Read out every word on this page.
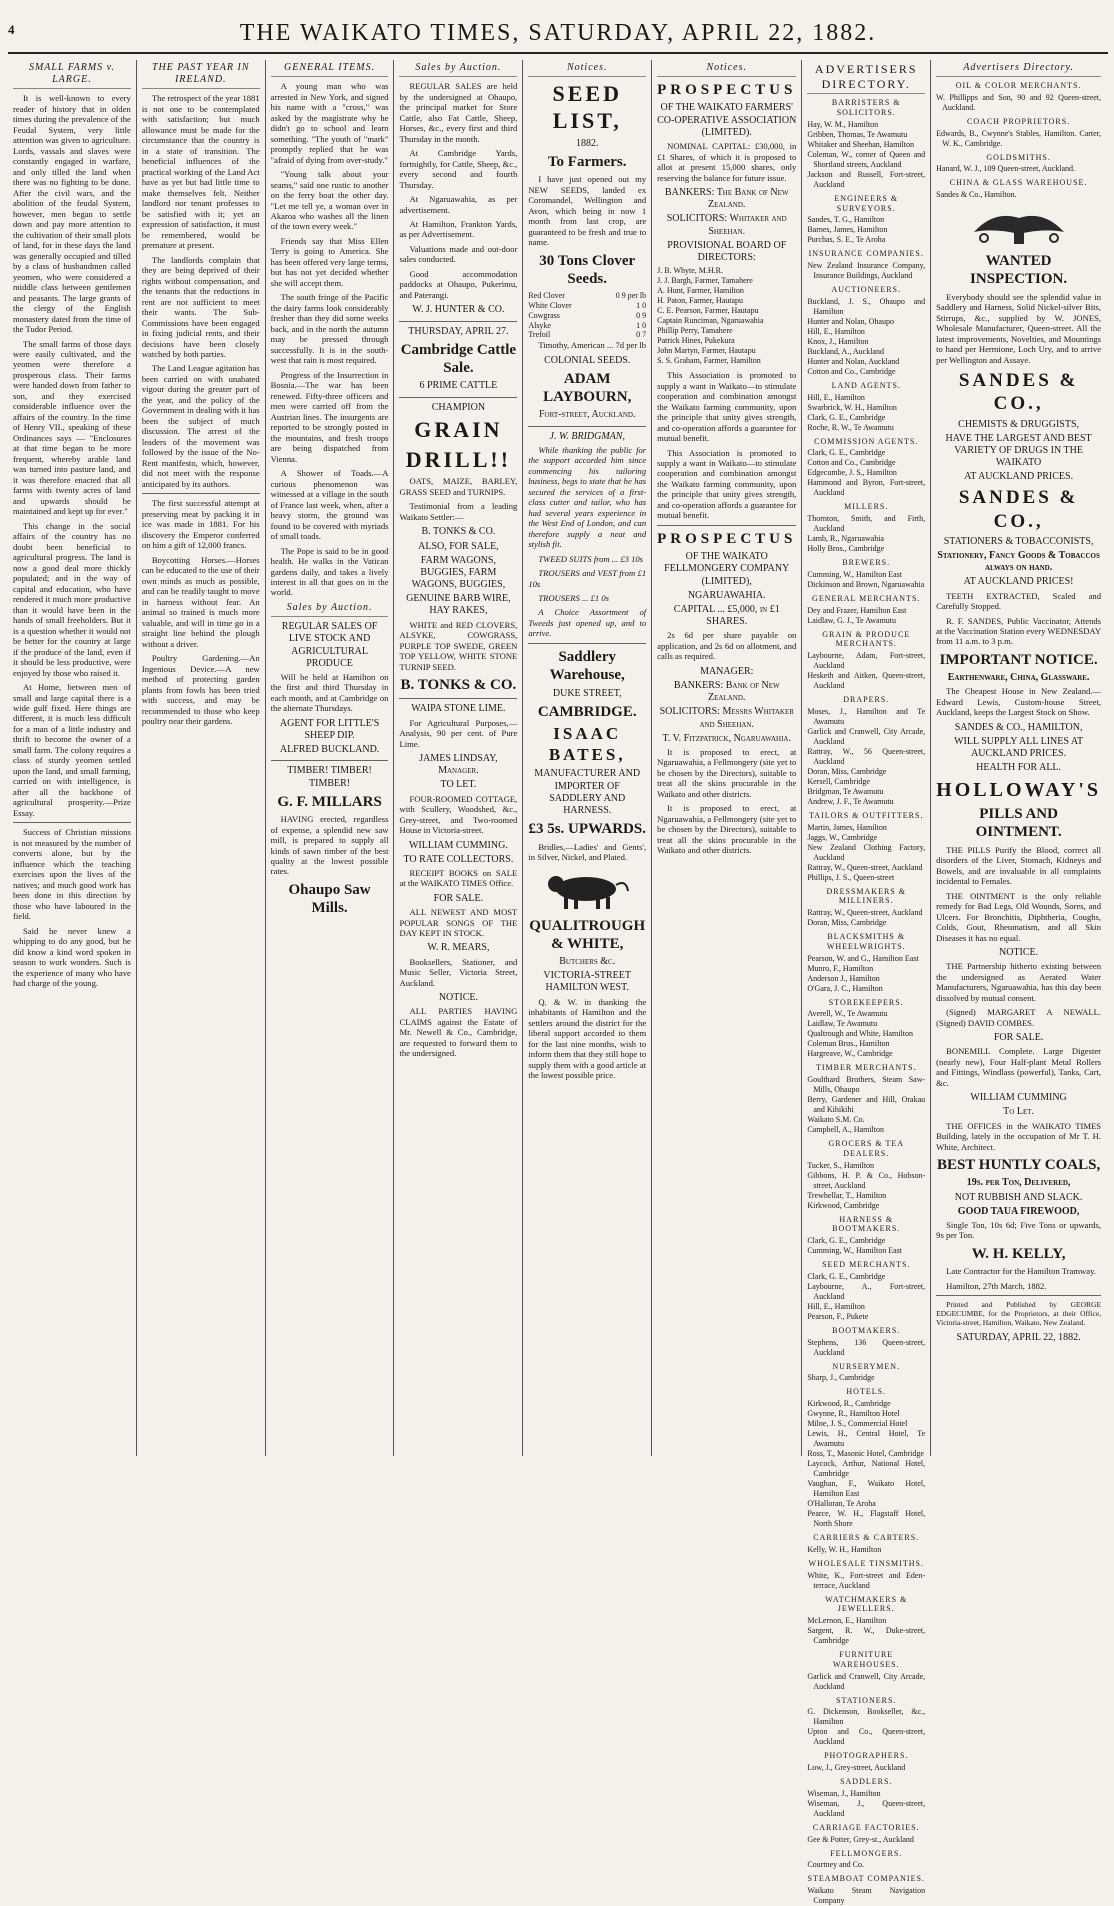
4	THE WAIKATO TIMES, SATURDAY, APRIL 22, 1882.
SMALL FARMS v. LARGE.

It is well-known to every reader of history that in olden times during the prevalence of the Feudal System, very little attention was given to agriculture. Lords, vassals and slaves were constantly engaged in warfare, and only tilled the land when there was no fighting to be done. After the civil wars, and the abolition of the feudal System, however, men began to settle down and pay more attention to the cultivation of their small plots of land, for in these days the land was generally occupied and tilled by a class of husbandmen called yeomen, who were considered a middle class between gentlemen and peasants. The large grants of the clergy of the English monastery dated from the time of the Tudor Period.

The small farms of those days were easily cultivated, and the yeomen were therefore a prosperous class. Their farms were handed down from father to son, and they exercised considerable influence over the affairs of the country. In the time of Henry VII., speaking of these Ordinances says — "Enclosures at that time began to be more frequent, whereby arable land was turned into pasture land, and it was therefore enacted that all farms with twenty acres of land and upwards should be maintained and kept up for ever."

This change in the social affairs of the country has no doubt been beneficial to agricultural progress. The land is now a good deal more thickly populated; and in the way of capital and education, who have rendered it much more productive than it would have been in the hands of small freeholders. But it is a question whether it would not be better for the country at large if the produce of the land, even if it should be less productive, were enjoyed by those who raised it.

At Home, between men of small and large capital there is a wide gulf fixed. Here things are different, it is much less difficult for a man of a little industry and thrift to become the owner of a small farm. The colony requires a class of sturdy yeomen settled upon the land, and small farming, carried on with intelligence, is after all the backbone of agricultural prosperity.—Prize Essay.

Success of Christian missions is not measured by the number of converts alone, but by the influence which the teaching exercises upon the lives of the natives; and much good work has been done in this direction by those who have laboured in the field.

Said he never knew a whipping to do any good, but he did know a kind word spoken in season to work wonders. Such is the experience of many who have had charge of the young.

THE PAST YEAR IN IRELAND.

The retrospect of the year 1881 is not one to be contemplated with satisfaction; but much allowance must be made for the circumstance that the country is in a state of transition. The beneficial influences of the practical working of the Land Act have as yet but had little time to make themselves felt. Neither landlord nor tenant professes to be satisfied with it; yet an expression of satisfaction, it must be remembered, would be premature at present.

The landlords complain that they are being deprived of their rights without compensation, and the tenants that the reductions in rent are not sufficient to meet their wants. The Sub-Commissions have been engaged in fixing judicial rents, and their decisions have been closely watched by both parties.

The Land League agitation has been carried on with unabated vigour during the greater part of the year, and the policy of the Government in dealing with it has been the subject of much discussion. The arrest of the leaders of the movement was followed by the issue of the No-Rent manifesto, which, however, did not meet with the response anticipated by its authors.

The first successful attempt at preserving meat by packing it in ice was made in 1881. For his discovery the Emperor conferred on him a gift of 12,000 francs.

Boycotting Horses.—Horses can be educated to the use of their own minds as much as possible, and can be readily taught to move in harness without fear. An animal so trained is much more valuable, and will in time go in a straight line behind the plough without a driver.

Poultry Gardening.—An Ingenious Device.—A new method of protecting garden plants from fowls has been tried with success, and may be recommended to those who keep poultry near their gardens.

GENERAL ITEMS.

A young man who was arrested in New York, and signed his name with a "cross," was asked by the magistrate why he didn't go to school and learn something. "The youth of "mark" promptly replied that he was "afraid of dying from over-study."

"Young talk about your seams," said one rustic to another on the ferry boat the other day. "Let me tell ye, a woman over in Akaroa who washes all the linen of the town every week."

Friends say that Miss Ellen Terry is going to America. She has been offered very large terms, but has not yet decided whether she will accept them.

The south fringe of the Pacific the dairy farms look considerably fresher than they did some weeks back, and in the north the autumn may be pressed through successfully. It is in the south-west that rain is most required.

Progress of the Insurrection in Bosnia.—The war has been renewed. Fifty-three officers and men were carried off from the Austrian lines. The insurgents are reported to be strongly posted in the mountains, and fresh troops are being dispatched from Vienna.

A Shower of Toads.—A curious phenomenon was witnessed at a village in the south of France last week, when, after a heavy storm, the ground was found to be covered with myriads of small toads.

The Pope is said to be in good health. He walks in the Vatican gardens daily, and takes a lively interest in all that goes on in the world.

Sales by Auction.
REGULAR SALES OF LIVE STOCK AND AGRICULTURAL PRODUCE

Will be held at Hamilton on the first and third Thursday in each month, and at Cambridge on the alternate Thursdays.

AGENT FOR LITTLE'S SHEEP DIP.
ALFRED BUCKLAND.
TIMBER! TIMBER! TIMBER!
G. F. MILLARS

HAVING erected, regardless of expense, a splendid new saw mill, is prepared to supply all kinds of sawn timber of the best quality at the lowest possible rates.

Ohaupo Saw Mills.
Sales by Auction.

REGULAR SALES are held by the undersigned at Ohaupo, the principal market for Store Cattle, also Fat Cattle, Sheep, Horses, &c., every first and third Thursday in the month.

At Cambridge Yards, fortnightly, for Cattle, Sheep, &c., every second and fourth Thursday.

At Ngaruawahia, as per advertisement.

At Hamilton, Frankton Yards, as per Advertisement.

Valuations made and out-door sales conducted.

Good accommodation paddocks at Ohaupo, Pukerimu, and Paterangi.

W. J. HUNTER & CO.
THURSDAY, APRIL 27.
Cambridge Cattle Sale.
6 PRIME CATTLE
CHAMPION
GRAIN
DRILL!!

OATS, MAIZE, BARLEY, GRASS SEED and TURNIPS.

Testimonial from a leading Waikato Settler:—

B. TONKS & CO.
ALSO, FOR SALE,
FARM WAGONS, BUGGIES, FARM WAGONS, BUGGIES,
GENUINE BARB WIRE, HAY RAKES,

WHITE and RED CLOVERS, ALSYKE, COWGRASS, PURPLE TOP SWEDE, GREEN TOP YELLOW, WHITE STONE TURNIP SEED.

B. TONKS & CO.
WAIPA STONE LIME.

For Agricultural Purposes,—Analysis, 90 per cent. of Pure Lime.

JAMES LINDSAY, Manager.
TO LET.

FOUR-ROOMED COTTAGE, with Scullery, Woodshed, &c., Grey-street, and Two-roomed House in Victoria-street.

WILLIAM CUMMING.
TO RATE COLLECTORS.

RECEIPT BOOKS on SALE at the WAIKATO TIMES Office.

FOR SALE.

ALL NEWEST AND MOST POPULAR SONGS OF THE DAY KEPT IN STOCK.

W. R. MEARS,

Booksellers, Stationer, and Music Seller, Victoria Street, Auckland.

NOTICE.

ALL PARTIES HAVING CLAIMS against the Estate of Mr. Newell & Co., Cambridge, are requested to forward them to the undersigned.

Notices.
SEED LIST,
1882.
To Farmers.

I have just opened out my NEW SEEDS, landed ex Coromandel, Wellington and Avon, which being in now 1 month from last crop, are guaranteed to be fresh and true to name.

30 Tons Clover Seeds.
Red Clover	0 9 per lb
White Clover	1 0
Cowgrass	0 9
Alsyke	1 0
Trefoil	0 7

Timothy, American ... 7d per lb

COLONIAL SEEDS.
ADAM LAYBOURN,
Fort-street, Auckland.
J. W. BRIDGMAN,

While thanking the public for the support accorded him since commencing his tailoring business, begs to state that he has secured the services of a first-class cutter and tailor, who has had several years experience in the West End of London, and can therefore supply a neat and stylish fit.

TWEED SUITS from ... £3 10s

TROUSERS and VEST from £1 10s

TROUSERS ... £1 0s

A Choice Assortment of Tweeds just opened up, and to arrive.

Saddlery Warehouse,
DUKE STREET,
CAMBRIDGE.
ISAAC BATES,
MANUFACTURER AND IMPORTER OF SADDLERY AND HARNESS.
£3 5s. UPWARDS.

Bridles,—Ladies' and Gents', in Silver, Nickel, and Plated.

QUALITROUGH & WHITE,
Butchers &c.
VICTORIA-STREET HAMILTON WEST.

Q. & W. in thanking the inhabitants of Hamilton and the settlers around the district for the liberal support accorded to them for the last nine months, wish to inform them that they still hope to supply them with a good article at the lowest possible price.

Notices.
PROSPECTUS
OF THE WAIKATO FARMERS' CO-OPERATIVE ASSOCIATION (LIMITED).

NOMINAL CAPITAL: £30,000, in £1 Shares, of which it is proposed to allot at present 15,000 shares, only reserving the balance for future issue.

BANKERS: The Bank of New Zealand.
SOLICITORS: Whitaker and Sheehan.
PROVISIONAL BOARD OF DIRECTORS:
J. B. Whyte, M.H.R.
J. J. Bargh, Farmer, Tamahere
A. Hunt, Farmer, Hamilton
H. Paton, Farmer, Hautapu
C. E. Pearson, Farmer, Hautapu
Captain Runciman, Ngaruawahia
Phillip Perry, Tamahere
Patrick Hines, Pukekura
John Martyn, Farmer, Hautapu
S. S. Graham, Farmer, Hamilton

This Association is promoted to supply a want in Waikato—to stimulate cooperation and combination amongst the Waikato farming community, upon the principle that unity gives strength, and co-operation affords a guarantee for mutual benefit.

This Association is promoted to supply a want in Waikato—to stimulate cooperation and combination amongst the Waikato farming community, upon the principle that unity gives strength, and co-operation affords a guarantee for mutual benefit.

PROSPECTUS
OF THE WAIKATO FELLMONGERY COMPANY (LIMITED),
NGARUAWAHIA.
CAPITAL ... £5,000, in £1 SHARES.

2s 6d per share payable on application, and 2s 6d on allotment, and calls as required.

MANAGER:
BANKERS: Bank of New Zealand.
SOLICITORS: Messrs Whitaker and Sheehan.
T. V. Fitzpatrick, Ngaruawahia.

It is proposed to erect, at Ngaruawahia, a Fellmongery (site yet to be chosen by the Directors), suitable to treat all the skins procurable in the Waikato and other districts.

It is proposed to erect, at Ngaruawahia, a Fellmongery (site yet to be chosen by the Directors), suitable to treat all the skins procurable in the Waikato and other districts.

ADVERTISERS DIRECTORY.
BARRISTERS & SOLICITORS.
Hay, W. M., Hamilton
Gribben, Thomas, Te Awamutu
Whitaker and Sheehan, Hamilton
Coleman, W., corner of Queen and Shortland streets, Auckland
Jackson and Russell, Fort-street, Auckland
ENGINEERS & SURVEYORS.
Sandes, T. G., Hamilton
Barnes, James, Hamilton
Purchas, S. E., Te Aroha
INSURANCE COMPANIES.
New Zealand Insurance Company, Insurance Buildings, Auckland
AUCTIONEERS.
Buckland, J. S., Ohaupo and Hamilton
Hunter and Nolan, Ohaupo
Hill, E., Hamilton
Knox, J., Hamilton
Buckland, A., Auckland
Hunter and Nolan, Auckland
Cotton and Co., Cambridge
LAND AGENTS.
Hill, E., Hamilton
Swarbrick, W. H., Hamilton
Clark, G. E., Cambridge
Roche, R. W., Te Awamutu
COMMISSION AGENTS.
Clark, G. E., Cambridge
Cotton and Co., Cambridge
Edgecumbe, J. S., Hamilton
Hammond and Byron, Fort-street, Auckland
MILLERS.
Thornton, Smith, and Firth, Auckland
Lamb, R., Ngaruawahia
Holly Bros., Cambridge
BREWERS.
Cumming, W., Hamilton East
Dickinson and Brown, Ngaruawahia
GENERAL MERCHANTS.
Dey and Frazer, Hamilton East
Laidlaw, G. J., Te Awamutu
GRAIN & PRODUCE MERCHANTS.
Laybourne, Adam, Fort-street, Auckland
Hesketh and Aitken, Queen-street, Auckland
DRAPERS.
Moses, J., Hamilton and Te Awamutu
Garlick and Cranwell, City Arcade, Auckland
Rattray, W., 56 Queen-street, Auckland
Doran, Miss, Cambridge
Kersell, Cambridge
Bridgman, Te Awamutu
Andrew, J. F., Te Awamutu
TAILORS & OUTFITTERS.
Martin, James, Hamilton
Jaggs, W., Cambridge
New Zealand Clothing Factory, Auckland
Rattray, W., Queen-street, Auckland
Phillips, J. S., Queen-street
DRESSMAKERS & MILLINERS.
Rattray, W., Queen-street, Auckland
Doran, Miss, Cambridge
BLACKSMITHS & WHEELWRIGHTS.
Pearson, W. and G., Hamilton East
Munro, F., Hamilton
Anderson J., Hamilton
O'Gara, J. C., Hamilton
STOREKEEPERS.
Averell, W., Te Awamutu
Laidlaw, Te Awamutu
Qualtrough and White, Hamilton
Coleman Bros., Hamilton
Hargreave, W., Cambridge
TIMBER MERCHANTS.
Goulthard Brothers, Steam Saw-Mills, Ohaupo
Berry, Gardener and Hill, Orakau and Kihikihi
Waikato S.M. Co.
Campbell, A., Hamilton
GROCERS & TEA DEALERS.
Tucker, S., Hamilton
Gibbons, H. P. & Co., Hobson-street, Auckland
Trewhellar, T., Hamilton
Kirkwood, Cambridge
HARNESS & BOOTMAKERS.
Clark, G. E., Cambridge
Cumming, W., Hamilton East
SEED MERCHANTS.
Clark, G. E., Cambridge
Laybourne, A., Fort-street, Auckland
Hill, E., Hamilton
Pearson, F., Pukete
BOOTMAKERS.
Stephens, 136 Queen-street, Auckland
NURSERYMEN.
Sharp, J., Cambridge
HOTELS.
Kirkwood, R., Cambridge
Gwynne, R., Hamilton Hotel
Milne, J. S., Commercial Hotel
Lewis, H., Central Hotel, Te Awamutu
Ross, T., Masonic Hotel, Cambridge
Laycock, Arthur, National Hotel, Cambridge
Vaughan, F., Waikato Hotel, Hamilton East
O'Halloran, Te Aroha
Pearce, W. H., Flagstaff Hotel, North Shore
CARRIERS & CARTERS.
Kelly, W. H., Hamilton
WHOLESALE TINSMITHS.
White, K., Fort-street and Eden-terrace, Auckland
WATCHMAKERS & JEWELLERS.
McLernon, E., Hamilton
Sargent, R. W., Duke-street, Cambridge
FURNITURE WAREHOUSES.
Garlick and Cranwell, City Arcade, Auckland
STATIONERS.
G. Dickenson, Bookseller, &c., Hamilton
Upton and Co., Queen-street, Auckland
PHOTOGRAPHERS.
Low, J., Grey-street, Auckland
SADDLERS.
Wiseman, J., Hamilton
Wiseman, J., Queen-street, Auckland
CARRIAGE FACTORIES.
Gee & Potter, Grey-st., Auckland
FELLMONGERS.
Courtney and Co.
STEAMBOAT COMPANIES.
Waikato Steam Navigation Company
Advertisers Directory.
OIL & COLOR MERCHANTS.
W. Phillipps and Son, 90 and 92 Queen-street, Auckland.
COACH PROPRIETORS.
Edwards, B., Cwynne's Stables, Hamilton. Carter, W. K., Cambridge.
GOLDSMITHS.
Hanard, W. J., 109 Queen-street, Auckland.
CHINA & GLASS WAREHOUSE.
Sandes & Co., Hamilton.
WANTED INSPECTION.

Everybody should see the splendid value in Saddlery and Harness, Solid Nickel-silver Bits, Stirrups, &c., supplied by W. JONES, Wholesale Manufacturer, Queen-street. All the latest improvements, Novelties, and Mountings to hand per Hermione, Loch Ury, and to arrive per Wellington and Assaye.

SANDES & CO.,
CHEMISTS & DRUGGISTS,
HAVE THE LARGEST AND BEST VARIETY OF DRUGS IN THE WAIKATO
AT AUCKLAND PRICES.
SANDES & CO.,
STATIONERS & TOBACCONISTS,
Stationery, Fancy Goods & Tobaccos always on hand.
AT AUCKLAND PRICES!

TEETH EXTRACTED, Scaled and Carefully Stopped.

R. F. SANDES, Public Vaccinator, Attends at the Vaccination Station every WEDNESDAY from 11 a.m. to 3 p.m.

IMPORTANT NOTICE.
Earthenware, China, Glassware.

The Cheapest House in New Zealand.—Edward Lewis, Custom-house Street, Auckland, keeps the Largest Stock on Show.

SANDES & CO., HAMILTON,
WILL SUPPLY ALL LINES AT AUCKLAND PRICES.
HEALTH FOR ALL.
HOLLOWAY'S
PILLS AND OINTMENT.

THE PILLS Purify the Blood, correct all disorders of the Liver, Stomach, Kidneys and Bowels, and are invaluable in all complaints incidental to Females.

THE OINTMENT is the only reliable remedy for Bad Legs, Old Wounds, Sores, and Ulcers. For Bronchitis, Diphtheria, Coughs, Colds, Gout, Rheumatism, and all Skin Diseases it has no equal.

NOTICE.

THE Partnership hitherto existing between the undersigned as Aerated Water Manufacturers, Ngaruawahia, has this day been dissolved by mutual consent.

(Signed) MARGARET A NEWALL. (Signed) DAVID COMBES.

FOR SALE.

BONEMILL Complete. Large Digester (nearly new), Four Half-plant Metal Rollers and Fittings, Windlass (powerful), Tanks, Cart, &c.

WILLIAM CUMMING
To Let.

THE OFFICES in the WAIKATO TIMES Building, lately in the occupation of Mr T. H. White, Architect.

BEST HUNTLY COALS,
19s. per Ton, Delivered,
NOT RUBBISH AND SLACK.
GOOD TAUA FIREWOOD,

Single Ton, 10s 6d; Five Tons or upwards, 9s per Ton.

W. H. KELLY,

Late Contractor for the Hamilton Tramway.

Hamilton, 27th March, 1882.

Printed and Published by GEORGE EDGECUMBE, for the Proprietors, at their Office, Victoria-street, Hamilton, Waikato, New Zealand.

SATURDAY, APRIL 22, 1882.
